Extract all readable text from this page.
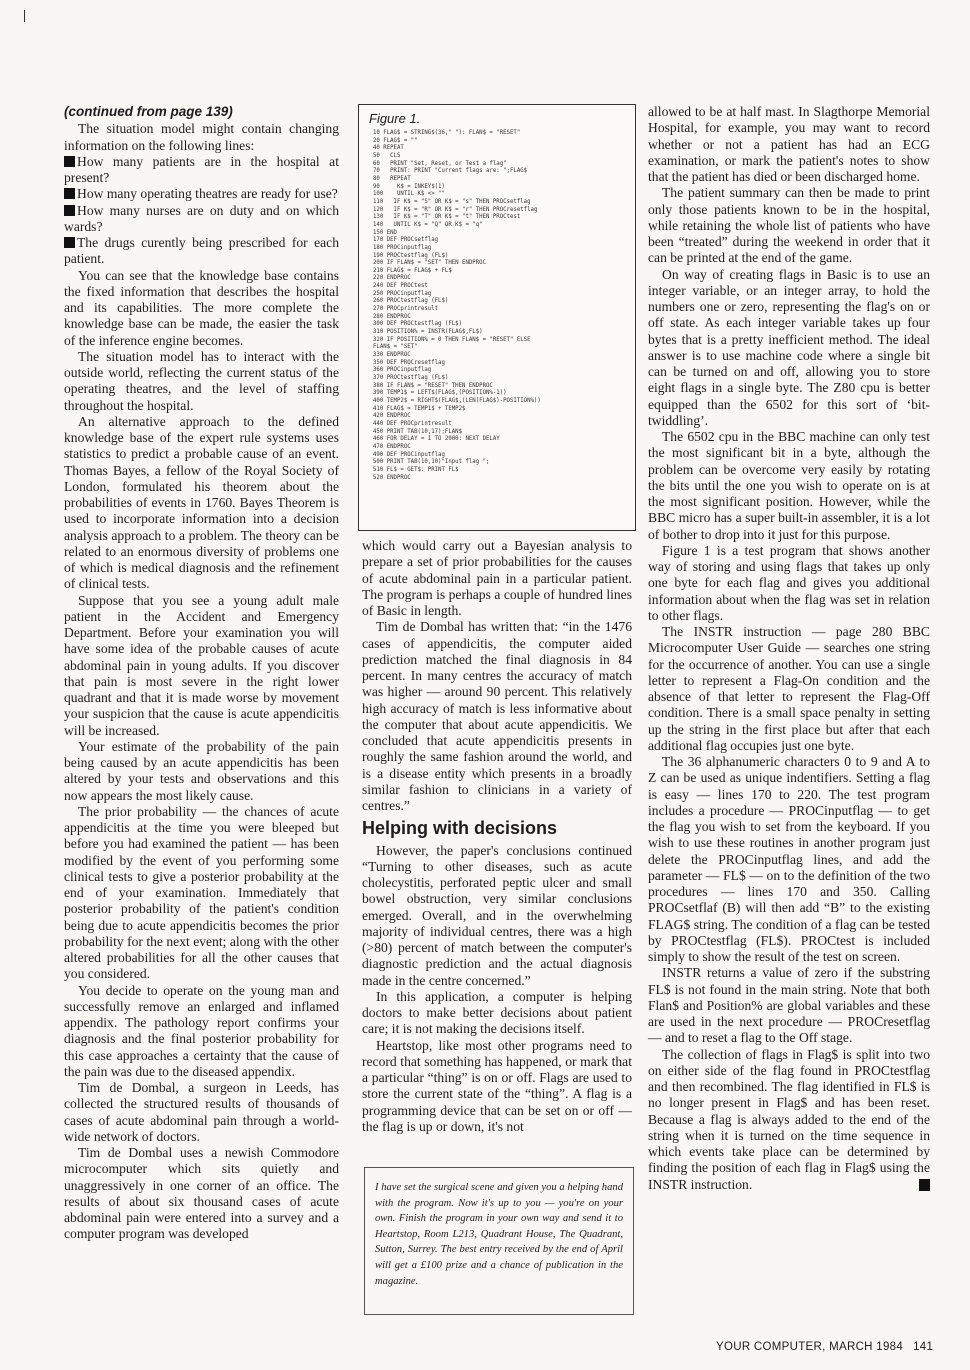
(continued from page 139)

The situation model might contain changing information on the following lines:

How many patients are in the hospital at present?

How many operating theatres are ready for use?

How many nurses are on duty and on which wards?

The drugs curently being prescribed for each patient.

You can see that the knowledge base contains the fixed information that describes the hospital and its capabilities. The more complete the knowledge base can be made, the easier the task of the inference engine becomes.

The situation model has to interact with the outside world, reflecting the current status of the operating theatres, and the level of staffing throughout the hospital.

An alternative approach to the defined knowledge base of the expert rule systems uses statistics to predict a probable cause of an event. Thomas Bayes, a fellow of the Royal Society of London, formulated his theorem about the probabilities of events in 1760. Bayes Theorem is used to incorporate information into a decision analysis approach to a problem. The theory can be related to an enormous diversity of problems one of which is medical diagnosis and the refinement of clinical tests.

Suppose that you see a young adult male patient in the Accident and Emergency Department. Before your examination you will have some idea of the probable causes of acute abdominal pain in young adults. If you discover that pain is most severe in the right lower quadrant and that it is made worse by movement your suspicion that the cause is acute appendicitis will be increased.

Your estimate of the probability of the pain being caused by an acute appendicitis has been altered by your tests and observations and this now appears the most likely cause.

The prior probability — the chances of acute appendicitis at the time you were bleeped but before you had examined the patient — has been modified by the event of you performing some clinical tests to give a posterior probability at the end of your examination. Immediately that posterior probability of the patient's condition being due to acute appendicitis becomes the prior probability for the next event; along with the other altered probabilities for all the other causes that you considered.

You decide to operate on the young man and successfully remove an enlarged and inflamed appendix. The pathology report confirms your diagnosis and the final posterior probability for this case approaches a certainty that the cause of the pain was due to the diseased appendix.

Tim de Dombal, a surgeon in Leeds, has collected the structured results of thousands of cases of acute abdominal pain through a world-wide network of doctors.

Tim de Dombal uses a newish Commodore microcomputer which sits quietly and unaggressively in one corner of an office. The results of about six thousand cases of acute abdominal pain were entered into a survey and a computer program was developed

Figure 1.
10 FLAG$ = STRING$(36," "): FLAN$ = "RESET"
20 FLAG$ = ""
40 REPEAT
50   CLS
60   PRINT "Set, Reset, or Test a flag"
70   PRINT: PRINT "Current flags are: ";FLAG$
80   REPEAT
90     K$ = INKEY$(1)
100    UNTIL K$ <> ""
110   IF K$ = "S" OR K$ = "s" THEN PROCsetflag
120   IF K$ = "R" OR K$ = "r" THEN PROCresetflag
130   IF K$ = "T" OR K$ = "t" THEN PROCtest
140   UNTIL K$ = "Q" OR K$ = "q"
150 END
170 DEF PROCsetflag
180 PROCinputflag
190 PROCtestflag (FL$)
200 IF FLAN$ = "SET" THEN ENDPROC
210 FLAG$ = FLAG$ + FL$
220 ENDPROC
240 DEF PROCtest
250 PROCinputflag
260 PROCtestflag (FL$)
270 PROCprintresult
280 ENDPROC
300 DEF PROCtestflag (FL$)
310 POSITION% = INSTR(FLAG$,FL$)
320 IF POSITION% = 0 THEN FLAN$ = "RESET" ELSE
FLAN$ = "SET"
330 ENDPROC
350 DEF PROCresetflag
360 PROCinputflag
370 PROCtestflag (FL$)
380 IF FLAN$ = "RESET" THEN ENDPROC
390 TEMP1$ = LEFT$(FLAG$,(POSITION%-1))
400 TEMP2$ = RIGHT$(FLAG$,(LEN(FLAG$)-POSITION%))
410 FLAG$ = TEMP1$ + TEMP2$
420 ENDPROC
440 DEF PROCprintresult
450 PRINT TAB(10,17);FLAN$
460 FOR DELAY = 1 TO 2000: NEXT DELAY
470 ENDPROC
490 DEF PROCinputflag
500 PRINT TAB(10,10)"Input flag ";
510 FL$ = GET$: PRINT FL$
520 ENDPROC

which would carry out a Bayesian analysis to prepare a set of prior probabilities for the causes of acute abdominal pain in a particular patient. The program is perhaps a couple of hundred lines of Basic in length.

Tim de Dombal has written that: “in the 1476 cases of appendicitis, the computer aided prediction matched the final diagnosis in 84 percent. In many centres the accuracy of match was higher — around 90 percent. This relatively high accuracy of match is less informative about the computer that about acute appendicitis. We concluded that acute appendicitis presents in roughly the same fashion around the world, and is a disease entity which presents in a broadly similar fashion to clinicians in a variety of centres.”

Helping with decisions

However, the paper's conclusions continued “Turning to other diseases, such as acute cholecystitis, perforated peptic ulcer and small bowel obstruction, very similar conclusions emerged. Overall, and in the overwhelming majority of individual centres, there was a high (>80) percent of match between the computer's diagnostic prediction and the actual diagnosis made in the centre concerned.”

In this application, a computer is helping doctors to make better decisions about patient care; it is not making the decisions itself.

Heartstop, like most other programs need to record that something has happened, or mark that a particular “thing” is on or off. Flags are used to store the current state of the “thing”. A flag is a programming device that can be set on or off — the flag is up or down, it's not

I have set the surgical scene and given you a helping hand with the program. Now it's up to you — you're on your own. Finish the program in your own way and send it to Heartstop, Room L213, Quadrant House, The Quadrant, Sutton, Surrey. The best entry received by the end of April will get a £100 prize and a chance of publication in the magazine.

allowed to be at half mast. In Slagthorpe Memorial Hospital, for example, you may want to record whether or not a patient has had an ECG examination, or mark the patient's notes to show that the patient has died or been discharged home.

The patient summary can then be made to print only those patients known to be in the hospital, while retaining the whole list of patients who have been “treated” during the weekend in order that it can be printed at the end of the game.

On way of creating flags in Basic is to use an integer variable, or an integer array, to hold the numbers one or zero, representing the flag's on or off state. As each integer variable takes up four bytes that is a pretty inefficient method. The ideal answer is to use machine code where a single bit can be turned on and off, allowing you to store eight flags in a single byte. The Z80 cpu is better equipped than the 6502 for this sort of ‘bit-twiddling’.

The 6502 cpu in the BBC machine can only test the most significant bit in a byte, although the problem can be overcome very easily by rotating the bits until the one you wish to operate on is at the most significant position. However, while the BBC micro has a super built-in assembler, it is a lot of bother to drop into it just for this purpose.

Figure 1 is a test program that shows another way of storing and using flags that takes up only one byte for each flag and gives you additional information about when the flag was set in relation to other flags.

The INSTR instruction — page 280 BBC Microcomputer User Guide — searches one string for the occurrence of another. You can use a single letter to represent a Flag-On condition and the absence of that letter to represent the Flag-Off condition. There is a small space penalty in setting up the string in the first place but after that each additional flag occupies just one byte.

The 36 alphanumeric characters 0 to 9 and A to Z can be used as unique indentifiers. Setting a flag is easy — lines 170 to 220. The test program includes a procedure — PROCinputflag — to get the flag you wish to set from the keyboard. If you wish to use these routines in another program just delete the PROCinputflag lines, and add the parameter — FL$ — on to the definition of the two procedures — lines 170 and 350. Calling PROCsetflaf (B) will then add “B” to the existing FLAG$ string. The condition of a flag can be tested by PROCtestflag (FL$). PROCtest is included simply to show the result of the test on screen.

INSTR returns a value of zero if the substring FL$ is not found in the main string. Note that both Flan$ and Position% are global variables and these are used in the next procedure — PROCresetflag — and to reset a flag to the Off stage.

The collection of flags in Flag$ is split into two on either side of the flag found in PROCtestflag and then recombined. The flag identified in FL$ is no longer present in Flag$ and has been reset. Because a flag is always added to the end of the string when it is turned on the time sequence in which events take place can be determined by finding the position of each flag in Flag$ using the INSTR instruction.

YOUR COMPUTER, MARCH 1984 141
